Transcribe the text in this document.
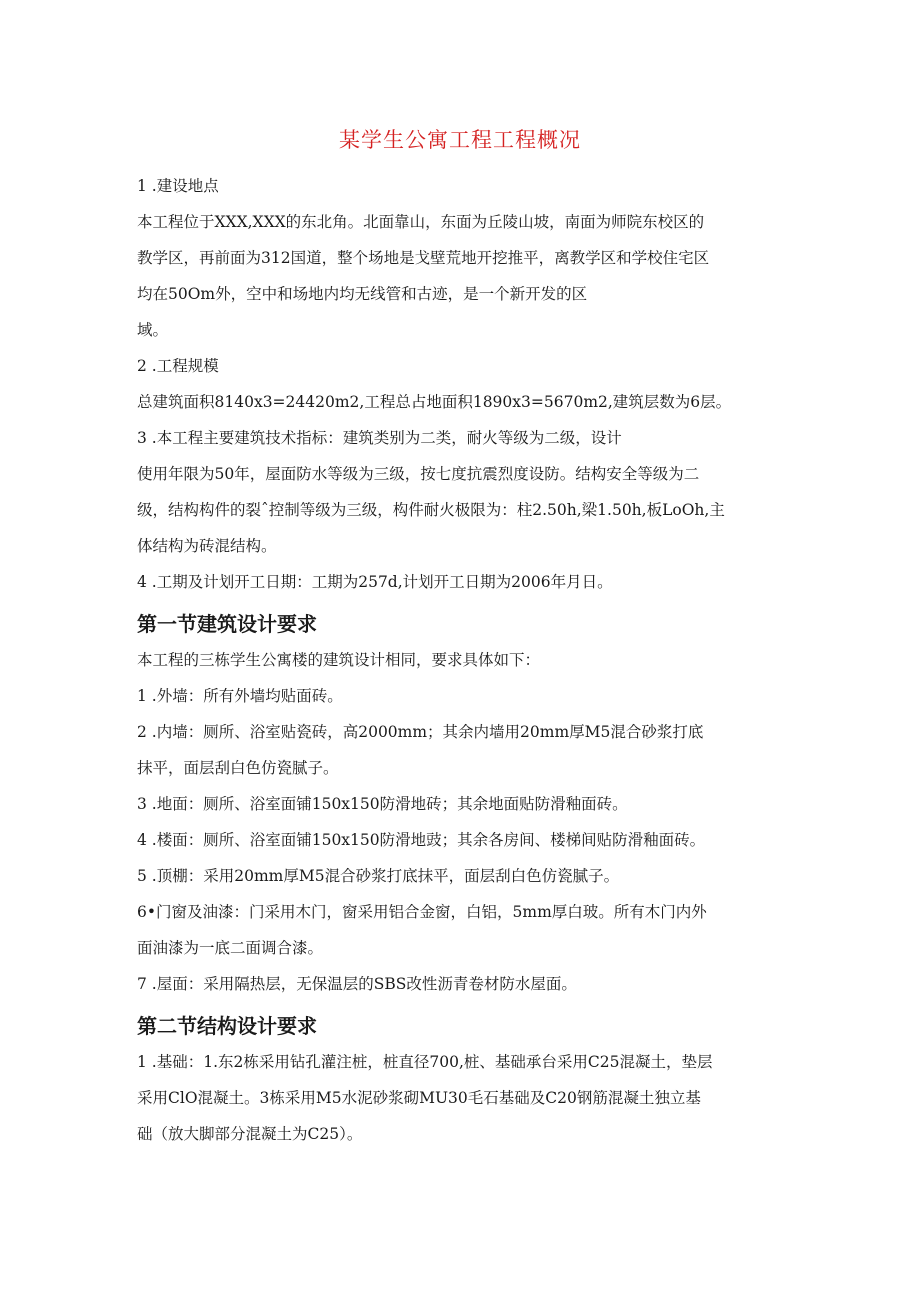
某学生公寓工程工程概况

1 .建设地点

本工程位于XXX,XXX的东北角。北面靠山，东面为丘陵山坡，南面为师院东校区的

教学区，再前面为312国道，整个场地是戈壁荒地开挖推平，离教学区和学校住宅区

均在50Om外，空中和场地内均无线管和古迹，是一个新开发的区

域。

2 .工程规模

总建筑面积8140x3=24420m2,工程总占地面积1890x3=5670m2,建筑层数为6层。

3 .本工程主要建筑技术指标：建筑类别为二类，耐火等级为二级，设计

使用年限为50年，屋面防水等级为三级，按七度抗震烈度设防。结构安全等级为二

级，结构构件的裂ˆ控制等级为三级，构件耐火极限为：柱2.50h,梁1.50h,板LoOh,主

体结构为砖混结构。

4 .工期及计划开工日期：工期为257d,计划开工日期为2006年月日。

第一节建筑设计要求

本工程的三栋学生公寓楼的建筑设计相同，要求具体如下：

1 .外墙：所有外墙均贴面砖。

2 .内墙：厕所、浴室贴瓷砖，高2000mm；其余内墙用20mm厚M5混合砂浆打底

抹平，面层刮白色仿瓷腻子。

3 .地面：厕所、浴室面铺150x150防滑地砖；其余地面贴防滑釉面砖。

4 .楼面：厕所、浴室面铺150x150防滑地豉；其余各房间、楼梯间贴防滑釉面砖。

5 .顶棚：采用20mm厚M5混合砂浆打底抹平，面层刮白色仿瓷腻子。

6•门窗及油漆：门采用木门，窗采用铝合金窗，白铝，5mm厚白玻。所有木门内外

面油漆为一底二面调合漆。

7 .屋面：采用隔热层，无保温层的SBS改性沥青卷材防水屋面。

第二节结构设计要求

1 .基础：1.东2栋采用钻孔灌注桩，桩直径700,桩、基础承台采用C25混凝土，垫层

采用ClO混凝土。3栋采用M5水泥砂浆砌MU30毛石基础及C20钢筋混凝土独立基

础（放大脚部分混凝土为C25）。
